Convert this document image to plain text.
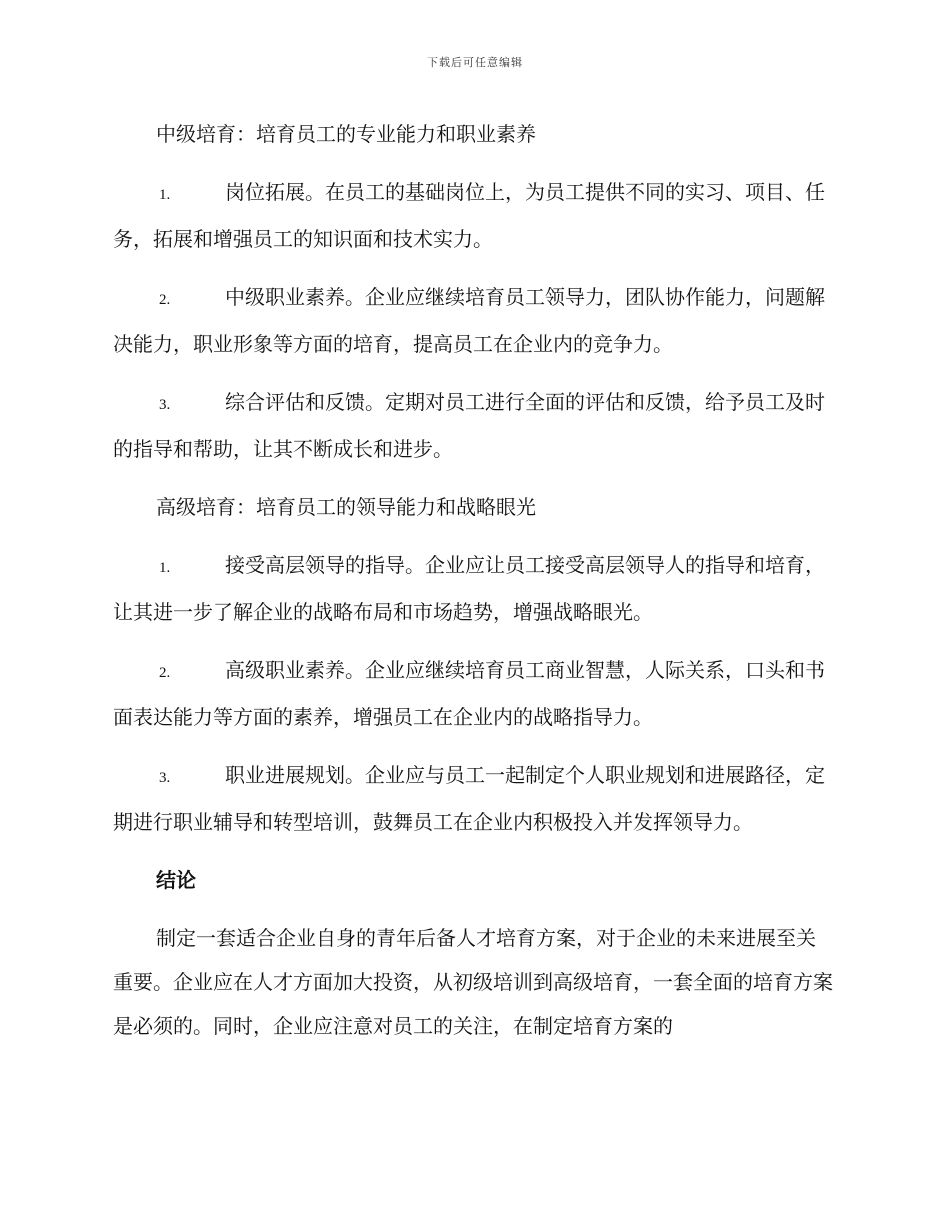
下载后可任意编辑

中级培育：培育员工的专业能力和职业素养

1.	岗位拓展。在员工的基础岗位上，为员工提供不同的实习、项目、任务，拓展和增强员工的知识面和技术实力。

2.	中级职业素养。企业应继续培育员工领导力，团队协作能力，问题解决能力，职业形象等方面的培育，提高员工在企业内的竞争力。

3.	综合评估和反馈。定期对员工进行全面的评估和反馈，给予员工及时的指导和帮助，让其不断成长和进步。

高级培育：培育员工的领导能力和战略眼光

1.	接受高层领导的指导。企业应让员工接受高层领导人的指导和培育，让其进一步了解企业的战略布局和市场趋势，增强战略眼光。

2.	高级职业素养。企业应继续培育员工商业智慧，人际关系，口头和书面表达能力等方面的素养，增强员工在企业内的战略指导力。

3.	职业进展规划。企业应与员工一起制定个人职业规划和进展路径，定期进行职业辅导和转型培训，鼓舞员工在企业内积极投入并发挥领导力。

结论

制定一套适合企业自身的青年后备人才培育方案，对于企业的未来进展至关重要。企业应在人才方面加大投资，从初级培训到高级培育，一套全面的培育方案是必须的。同时，企业应注意对员工的关注，在制定培育方案的
